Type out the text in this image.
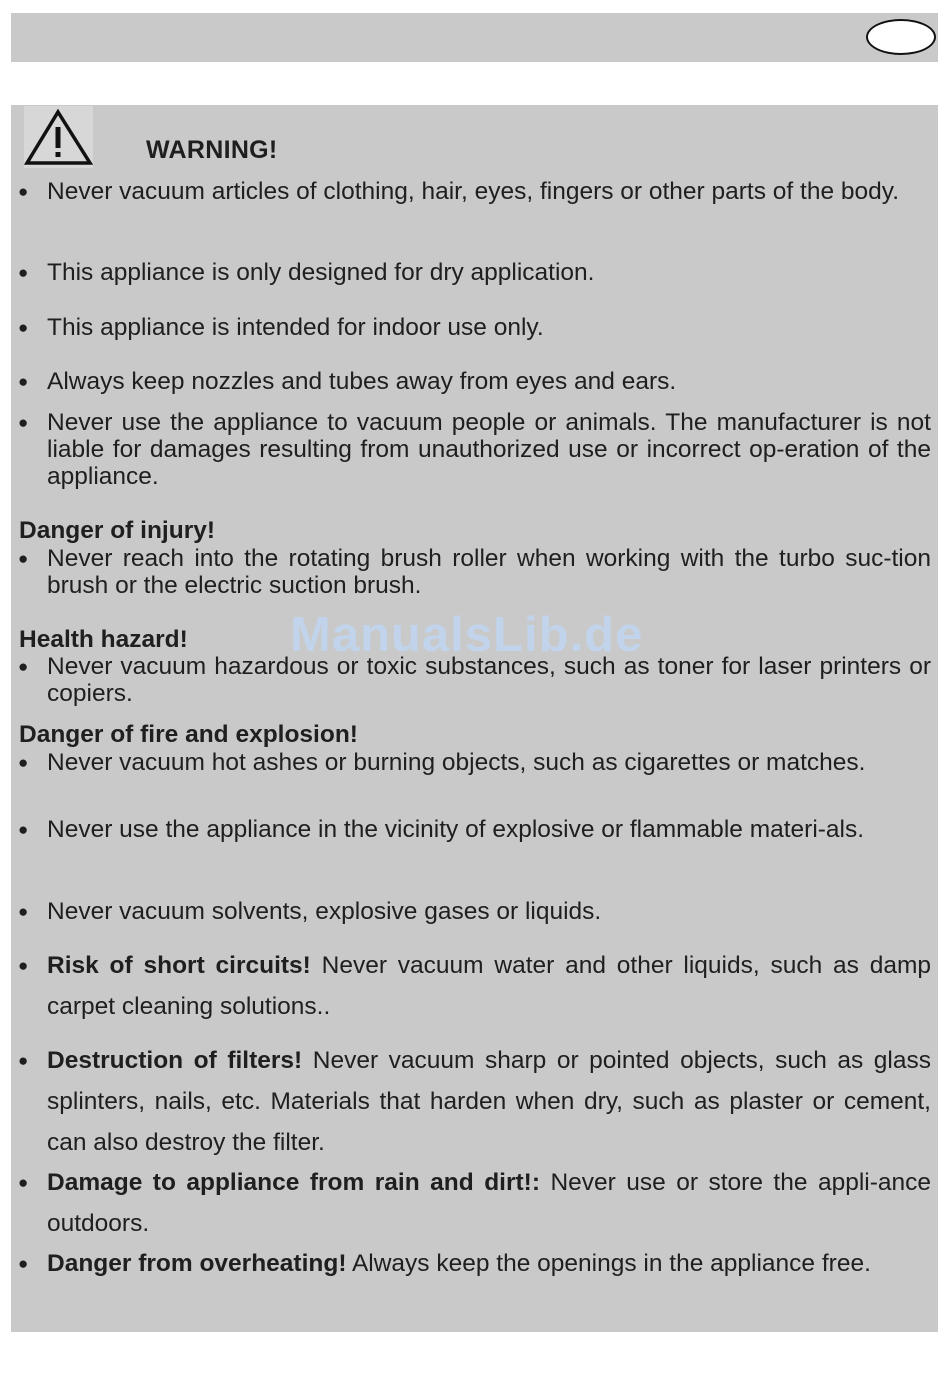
WARNING!
● Never vacuum articles of clothing, hair, eyes, fingers or other parts of the body.
● This appliance is only designed for dry application.
● This appliance is intended for indoor use only.
● Always keep nozzles and tubes away from eyes and ears.
● Never use the appliance to vacuum people or animals. The manufacturer is not liable for damages resulting from unauthorized use or incorrect op-eration of the appliance.
Danger of injury!
● Never reach into the rotating brush roller when working with the turbo suc-tion brush or the electric suction brush.
Health hazard!
● Never vacuum hazardous or toxic substances, such as toner for laser printers or copiers.
Danger of fire and explosion!
● Never vacuum hot ashes or burning objects, such as cigarettes or matches.
● Never use the appliance in the vicinity of explosive or flammable materi-als.
● Never vacuum solvents, explosive gases or liquids.
● Risk of short circuits! Never vacuum water and other liquids, such as damp carpet cleaning solutions..
● Destruction of filters! Never vacuum sharp or pointed objects, such as glass splinters, nails, etc. Materials that harden when dry, such as plaster or cement, can also destroy the filter.
● Damage to appliance from rain and dirt!: Never use or store the appli-ance outdoors.
● Danger from overheating! Always keep the openings in the appliance free.
ManualsLib.de
